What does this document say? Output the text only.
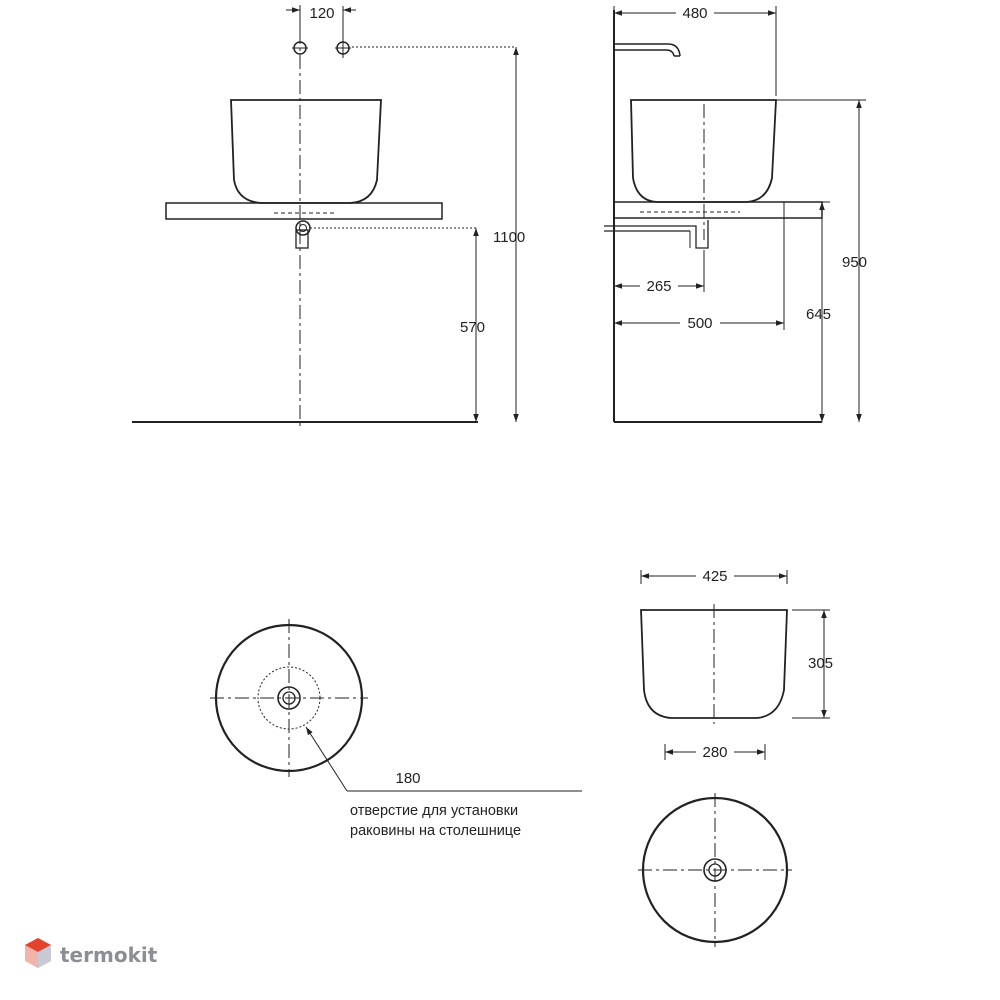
120
1100
570
480
265
500
645
950
180
отверстие для установки
раковины на столешнице
425
305
280
termokit
